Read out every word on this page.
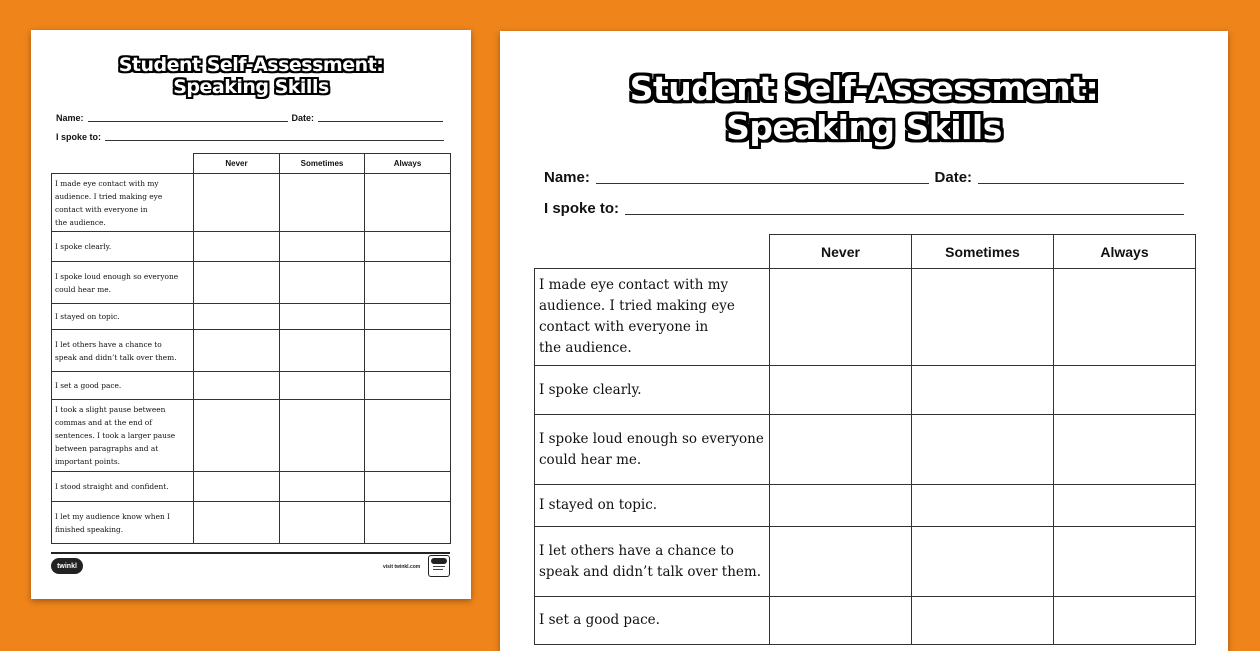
Student Self-Assessment:
Speaking Skills
Name:	Date:
I spoke to:
	Never	Sometimes	Always

I made eye contact with my
audience. I tried making eye
contact with everyone in
the audience.			

I spoke clearly.			

I spoke loud enough so everyone
could hear me.			

I stayed on topic.			

I let others have a chance to
speak and didn’t talk over them.			

I set a good pace.			

I took a slight pause between
commas and at the end of
sentences. I took a larger pause
between paragraphs and at
important points.			

I stood straight and confident.			

I let my audience know when I
finished speaking.			

twinkl	visit twinkl.com
Student Self-Assessment:
Speaking Skills
Name:	Date:
I spoke to:
	Never	Sometimes	Always

I made eye contact with my
audience. I tried making eye
contact with everyone in
the audience.			

I spoke clearly.			

I spoke loud enough so everyone
could hear me.			

I stayed on topic.			

I let others have a chance to
speak and didn’t talk over them.			

I set a good pace.			
